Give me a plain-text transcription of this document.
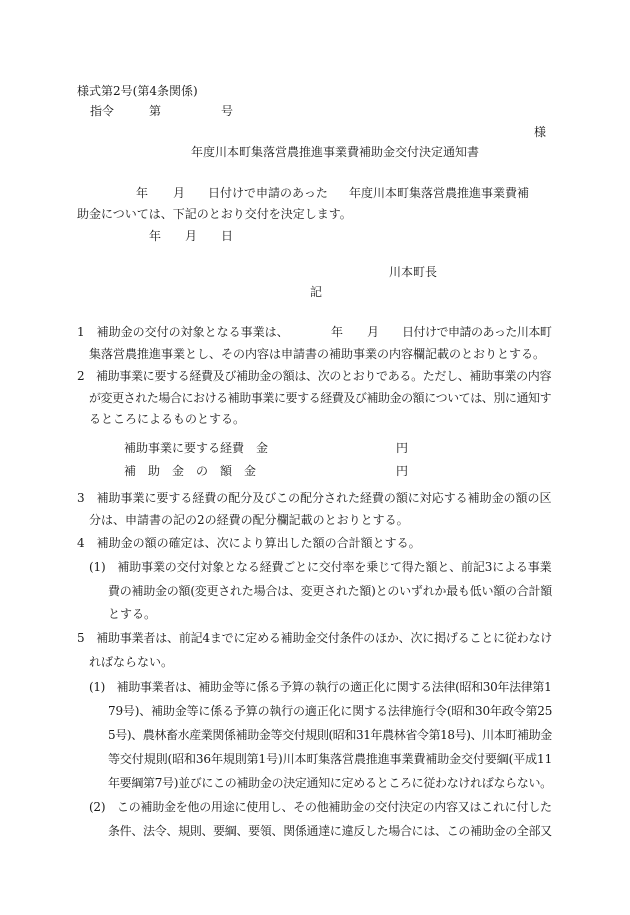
様式第2号(第4条関係)
指令	第	号
様
年度川本町集落営農推進事業費補助金交付決定通知書
年 月 日付けで申請のあった 年度川本町集落営農推進事業費補
助金については、下記のとおり交付を決定します。
年 月 日
川本町長
記
1　補助金の交付の対象となる事業は、	年 月 日付けで申請のあった川本町
集落営農推進事業とし、その内容は申請書の補助事業の内容欄記載のとおりとする。
2　補助事業に要する経費及び補助金の額は、次のとおりである。ただし、補助事業の内容
が変更された場合における補助事業に要する経費及び補助金の額については、別に通知す
るところによるものとする。
補助事業に要する経費　金	円
補　助　金　の　額　金	円
3　補助事業に要する経費の配分及びこの配分された経費の額に対応する補助金の額の区
分は、申請書の記の2の経費の配分欄記載のとおりとする。
4　補助金の額の確定は、次により算出した額の合計額とする。
(1)　補助事業の交付対象となる経費ごとに交付率を乗じて得た額と、前記3による事業
費の補助金の額(変更された場合は、変更された額)とのいずれか最も低い額の合計額
とする。
5　補助事業者は、前記4までに定める補助金交付条件のほか、次に掲げることに従わなけ
ればならない。
(1)　補助事業者は、補助金等に係る予算の執行の適正化に関する法律(昭和30年法律第1
79号)、補助金等に係る予算の執行の適正化に関する法律施行令(昭和30年政令第25
5号)、農林畜水産業関係補助金等交付規則(昭和31年農林省令第18号)、川本町補助金
等交付規則(昭和36年規則第1号)川本町集落営農推進事業費補助金交付要綱(平成11
年要綱第7号)並びにこの補助金の決定通知に定めるところに従わなければならない。
(2)　この補助金を他の用途に使用し、その他補助金の交付決定の内容又はこれに付した
条件、法令、規則、要綱、要領、関係通達に違反した場合には、この補助金の全部又
